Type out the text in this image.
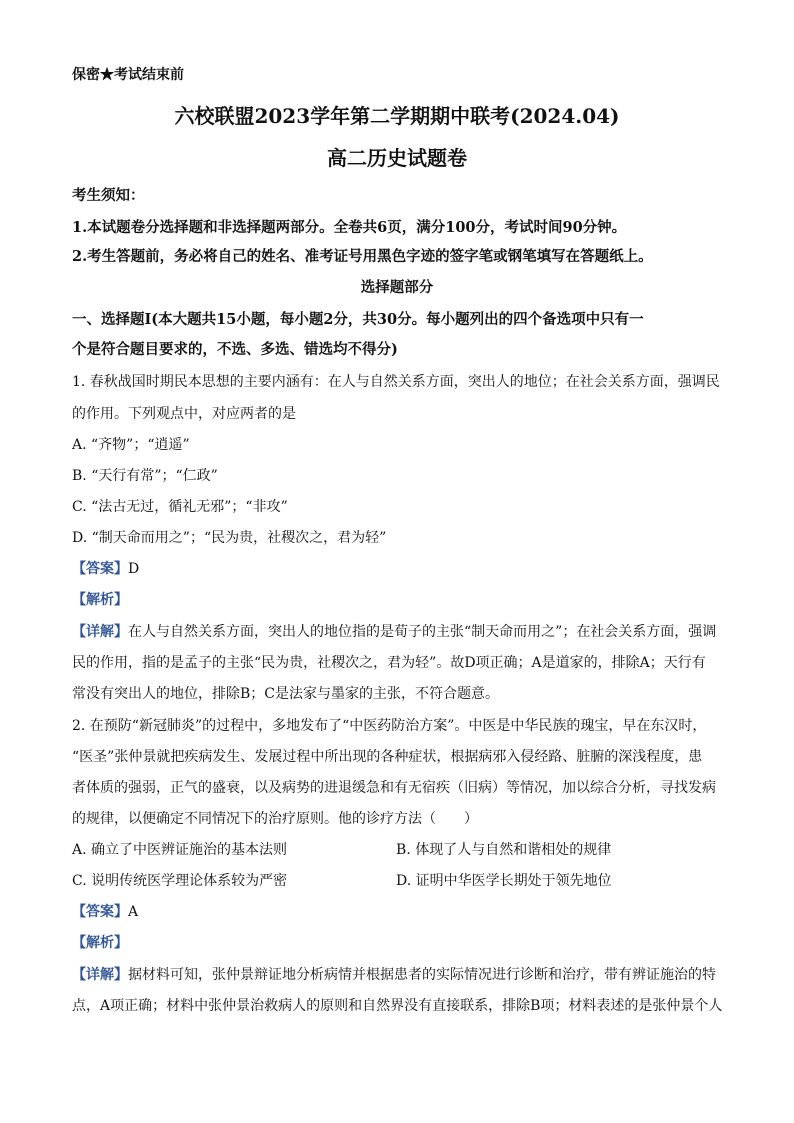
保密★考试结束前
六校联盟2023学年第二学期期中联考(2024.04)
高二历史试题卷
考生须知：
1.本试题卷分选择题和非选择题两部分。全卷共6页，满分100分，考试时间90分钟。
2.考生答题前，务必将自己的姓名、准考证号用黑色字迹的签字笔或钢笔填写在答题纸上。
选择题部分
一、选择题Ⅰ(本大题共15小题，每小题2分，共30分。每小题列出的四个备选项中只有一
个是符合题目要求的，不选、多选、错选均不得分)
1. 春秋战国时期民本思想的主要内涵有：在人与自然关系方面，突出人的地位；在社会关系方面，强调民
的作用。下列观点中，对应两者的是
A. “齐物”；“逍遥”
B. “天行有常”；“仁政”
C. “法古无过，循礼无邪”；“非攻”
D. “制天命而用之”；“民为贵，社稷次之，君为轻”
【答案】D
【解析】
【详解】在人与自然关系方面，突出人的地位指的是荀子的主张“制天命而用之”；在社会关系方面，强调
民的作用，指的是孟子的主张“民为贵，社稷次之，君为轻”。故D项正确；A是道家的，排除A；天行有
常没有突出人的地位，排除B；C是法家与墨家的主张，不符合题意。
2. 在预防“新冠肺炎”的过程中，多地发布了“中医药防治方案”。中医是中华民族的瑰宝，早在东汉时，
“医圣”张仲景就把疾病发生、发展过程中所出现的各种症状，根据病邪入侵经路、脏腑的深浅程度，患
者体质的强弱，正气的盛衰，以及病势的进退缓急和有无宿疾（旧病）等情况，加以综合分析，寻找发病
的规律，以便确定不同情况下的治疗原则。他的诊疗方法（　　）
A. 确立了中医辨证施治的基本法则	B. 体现了人与自然和谐相处的规律
C. 说明传统医学理论体系较为严密	D. 证明中华医学长期处于领先地位
【答案】A
【解析】
【详解】据材料可知，张仲景辩证地分析病情并根据患者的实际情况进行诊断和治疗，带有辨证施治的特
点，A项正确；材料中张仲景治救病人的原则和自然界没有直接联系，排除B项；材料表述的是张仲景个人
